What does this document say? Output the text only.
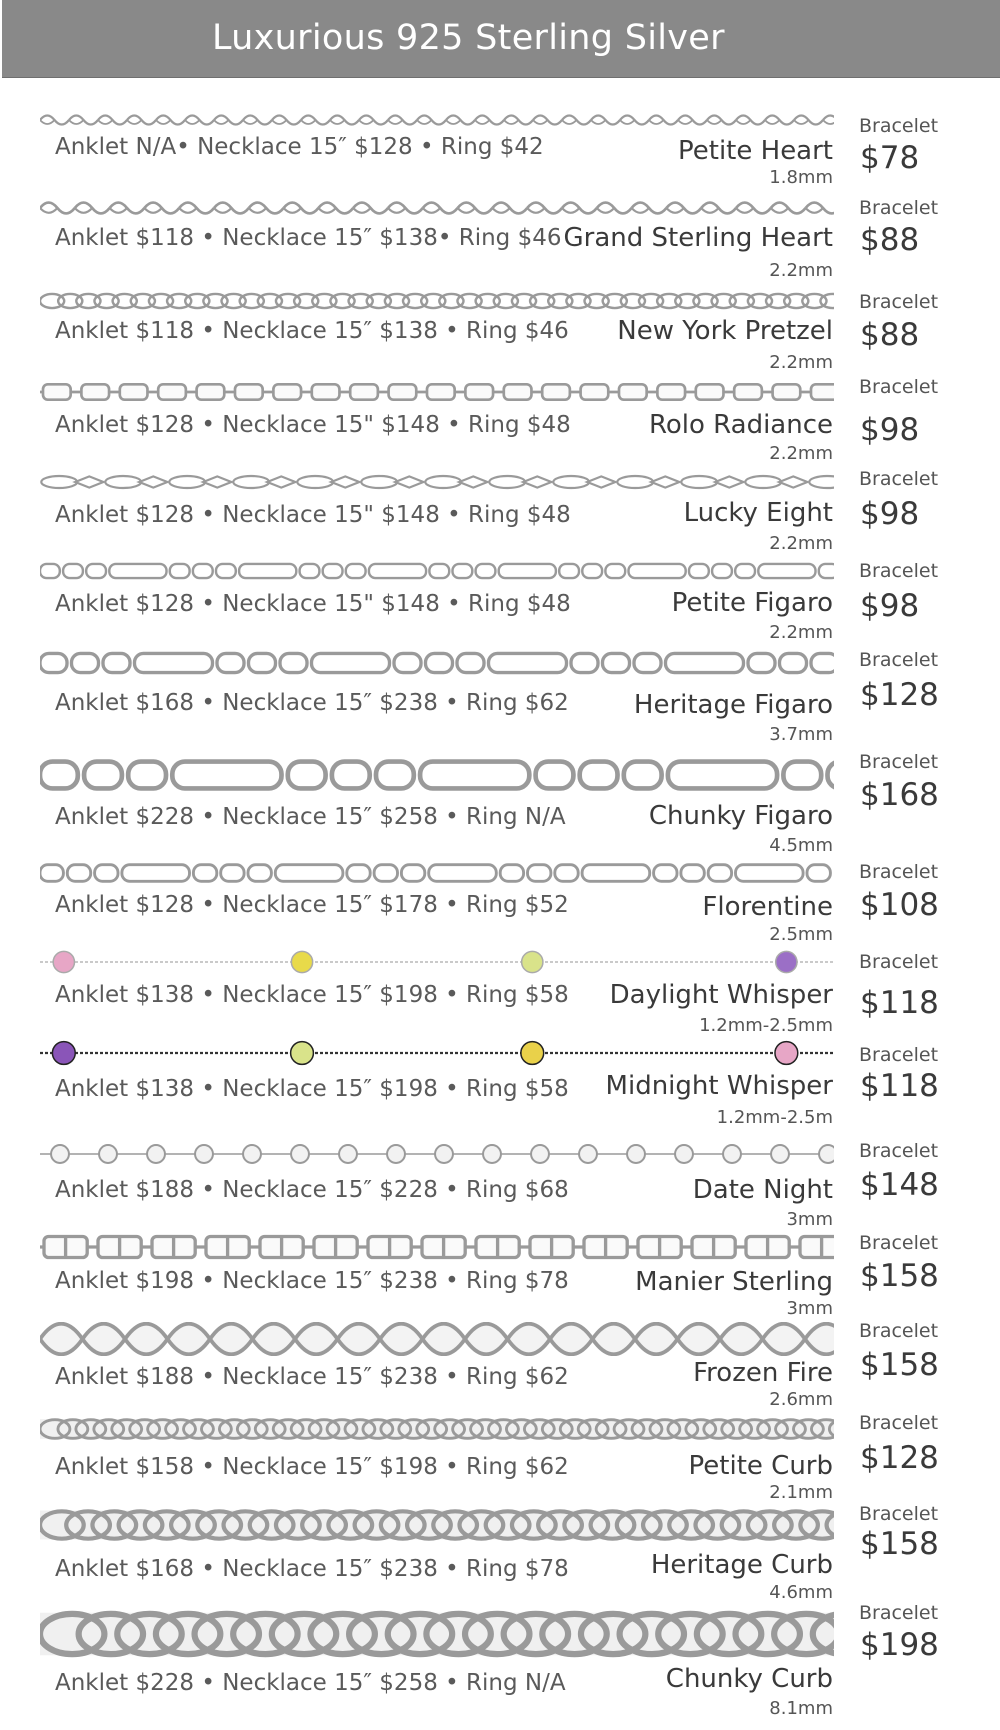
Luxurious 925 Sterling Silver
Anklet N/A• Necklace 15″ $128 • Ring $42	Petite Heart
1.8mm
Bracelet
$78
Anklet $118 • Necklace 15″ $138• Ring $46 Grand Sterling Heart
2.2mm
Bracelet
$88
Anklet $118 • Necklace 15″ $138 • Ring $46 New York Pretzel
2.2mm
Bracelet
$88
Anklet $128 • Necklace 15" $148 • Ring $48	Rolo Radiance
2.2mm
Bracelet
$98
Anklet $128 • Necklace 15" $148 • Ring $48	Lucky Eight
2.2mm
Bracelet
$98
Anklet $128 • Necklace 15" $148 • Ring $48	Petite Figaro
2.2mm
Bracelet
$98
Anklet $168 • Necklace 15″ $238 • Ring $62	Heritage Figaro
3.7mm
Bracelet
$128
Anklet $228 • Necklace 15″ $258 • Ring N/A	Chunky Figaro
4.5mm
Bracelet
$168
Anklet $128 • Necklace 15″ $178 • Ring $52	Florentine
2.5mm
Bracelet
$108
Anklet $138 • Necklace 15″ $198 • Ring $58 Daylight Whisper
1.2mm-2.5mm
Bracelet
$118
Anklet $138 • Necklace 15″ $198 • Ring $58 Midnight Whisper
1.2mm-2.5m
Bracelet
$118
Anklet $188 • Necklace 15″ $228 • Ring $68	Date Night
3mm
Bracelet
$148
Anklet $198 • Necklace 15″ $238 • Ring $78	Manier Sterling
3mm
Bracelet
$158
Anklet $188 • Necklace 15″ $238 • Ring $62	Frozen Fire
2.6mm
Bracelet
$158
Anklet $158 • Necklace 15″ $198 • Ring $62	Petite Curb
2.1mm
Bracelet
$128
Anklet $168 • Necklace 15″ $238 • Ring $78	Heritage Curb
4.6mm
Bracelet
$158
Anklet $228 • Necklace 15″ $258 • Ring N/A	Chunky Curb
8.1mm
Bracelet
$198
